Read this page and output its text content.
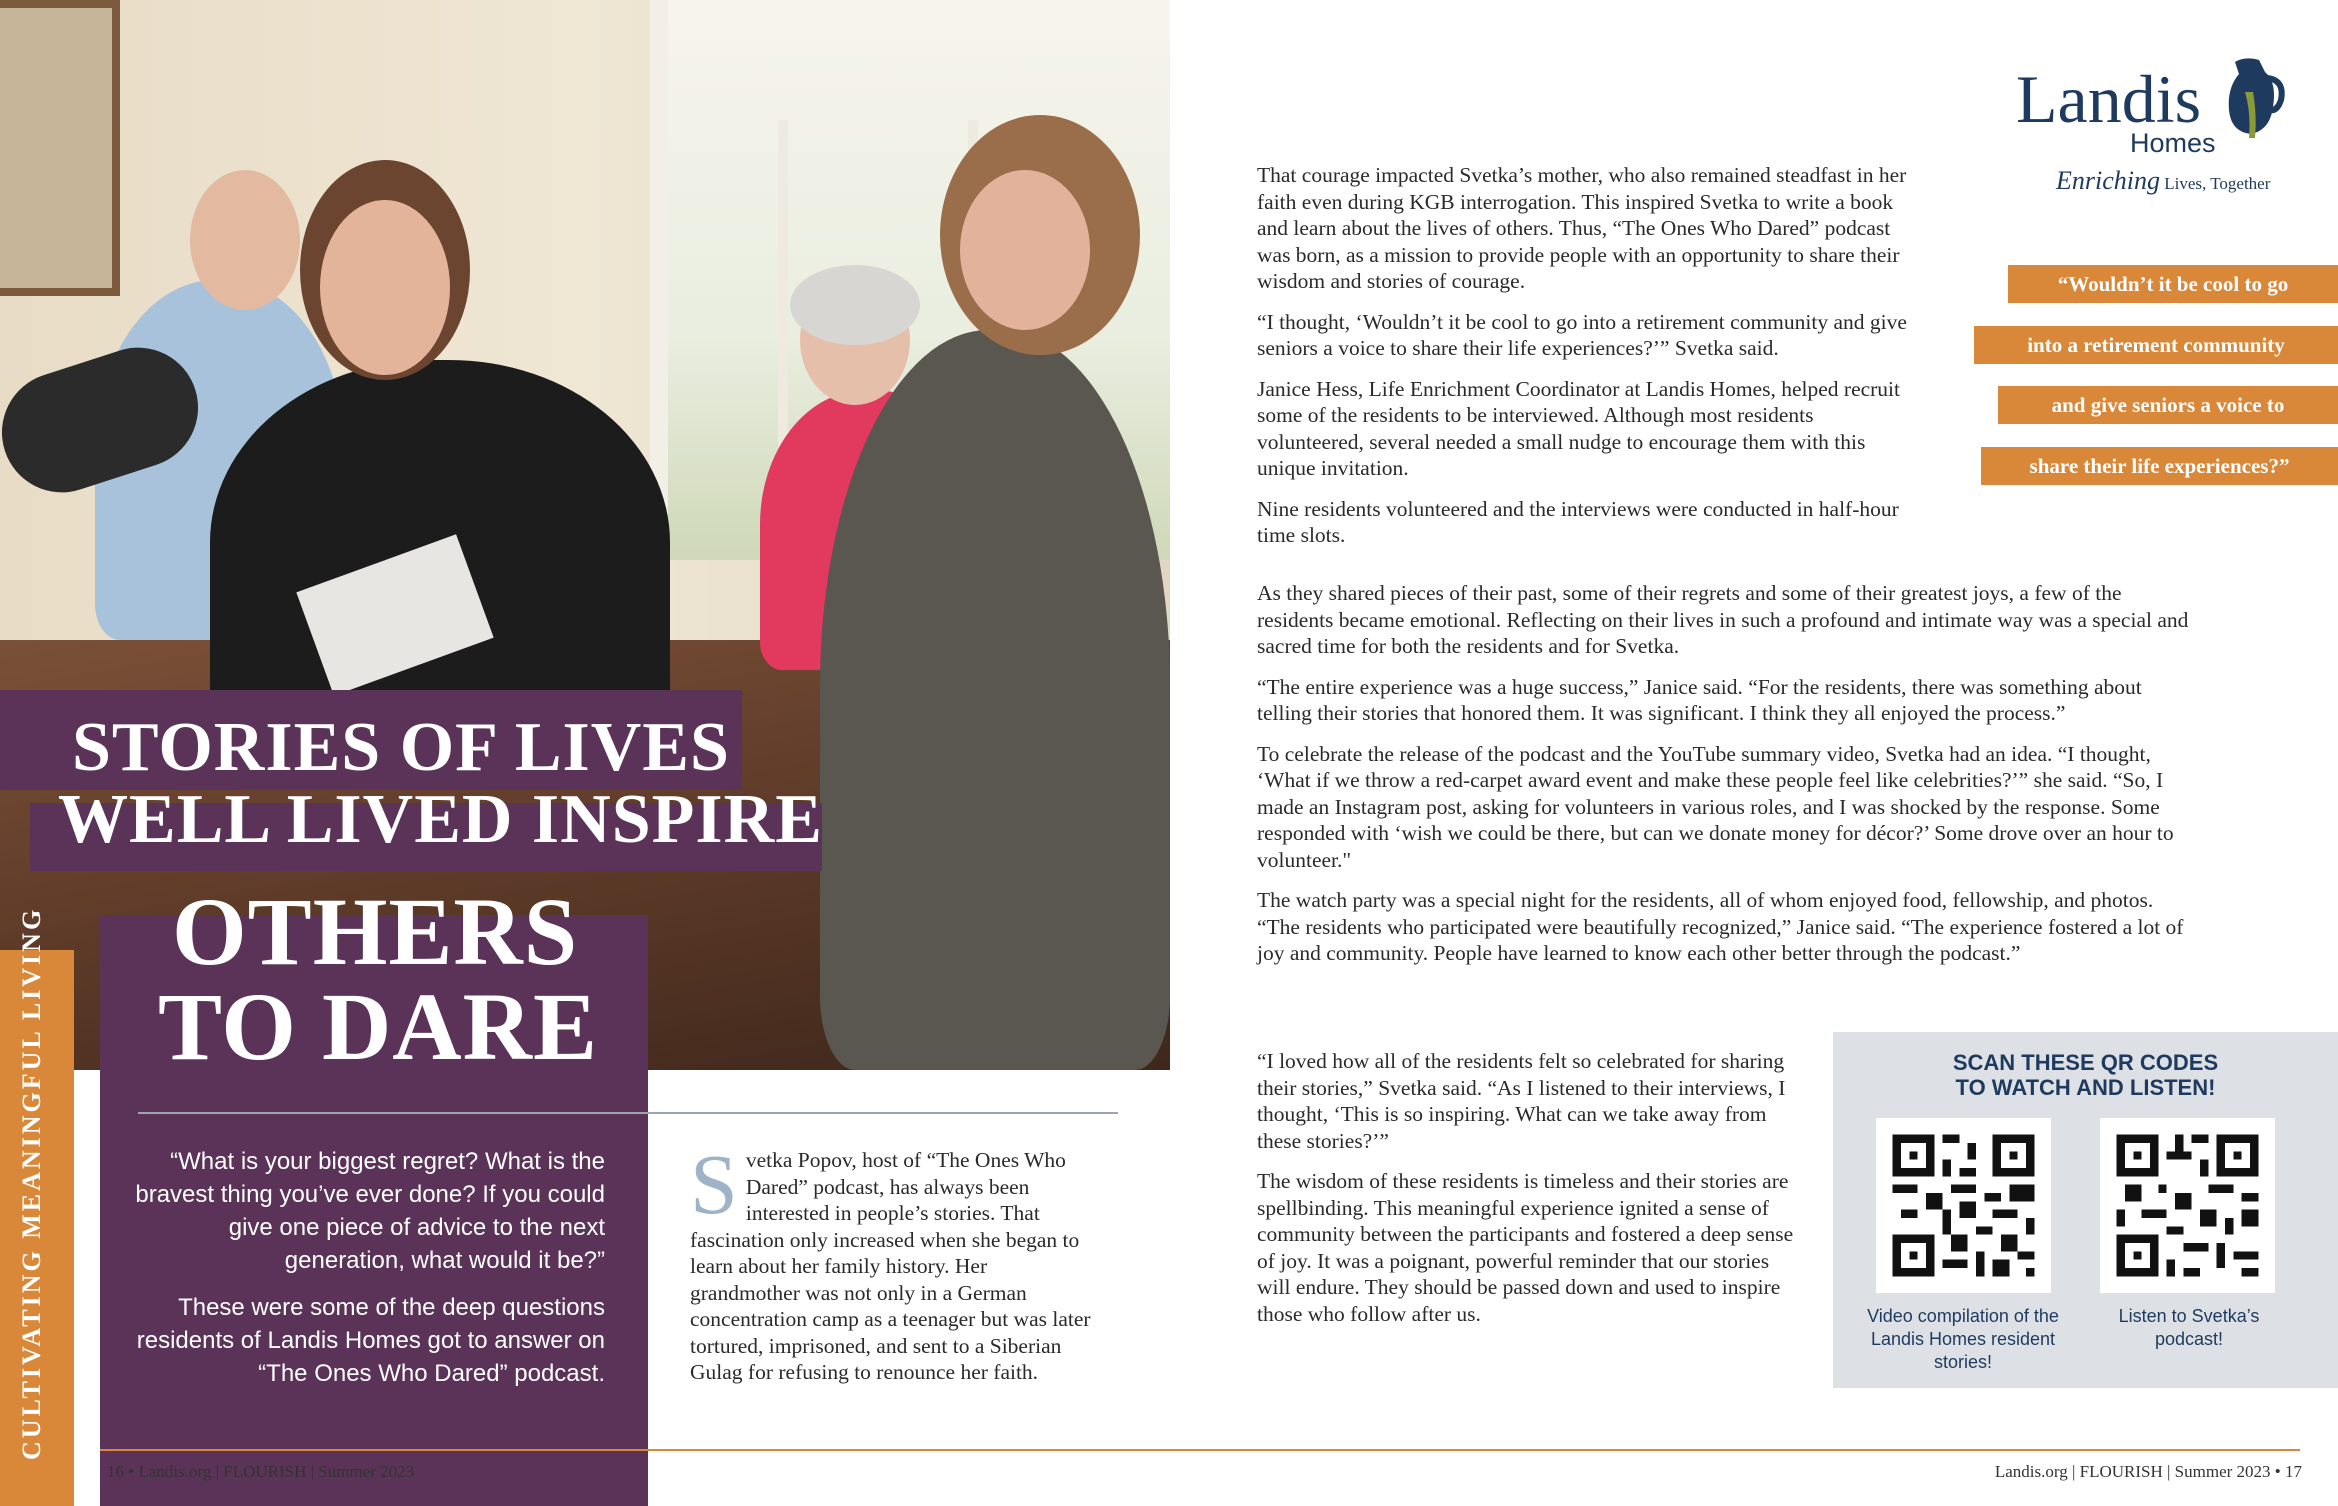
STORIES OF LIVES
WELL LIVED INSPIRE
OTHERS
TO DARE
CULTIVATING MEANINGFUL LIVING	“What is your biggest regret? What is the bravest thing you’ve ever done? If you could give one piece of advice to the next generation, what would it be?”
These were some of the deep questions residents of Landis Homes got to answer on “The Ones Who Dared” podcast.

Svetka Popov, host of “The Ones Who Dared” podcast, has always been interested in people’s stories. That fascination only increased when she began to learn about her family history. Her grandmother was not only in a German concentration camp as a teenager but was later tortured, imprisoned, and sent to a Siberian Gulag for refusing to renounce her faith.

That courage impacted Svetka’s mother, who also remained steadfast in her faith even during KGB interrogation. This inspired Svetka to write a book and learn about the lives of others. Thus, “The Ones Who Dared” podcast was born, as a mission to provide people with an opportunity to share their wisdom and stories of courage.

“I thought, ‘Wouldn’t it be cool to go into a retirement community and give seniors a voice to share their life experiences?’” Svetka said.

Janice Hess, Life Enrichment Coordinator at Landis Homes, helped recruit some of the residents to be interviewed. Although most residents volunteered, several needed a small nudge to encourage them with this unique invitation.

Nine residents volunteered and the interviews were conducted in half-hour time slots.

As they shared pieces of their past, some of their regrets and some of their greatest joys, a few of the residents became emotional. Reflecting on their lives in such a profound and intimate way was a special and sacred time for both the residents and for Svetka.

“The entire experience was a huge success,” Janice said. “For the residents, there was something about telling their stories that honored them. It was significant. I think they all enjoyed the process.”

To celebrate the release of the podcast and the YouTube summary video, Svetka had an idea. “I thought, ‘What if we throw a red-carpet award event and make these people feel like celebrities?’” she said. “So, I made an Instagram post, asking for volunteers in various roles, and I was shocked by the response. Some responded with ‘wish we could be there, but can we donate money for décor?’ Some drove over an hour to volunteer."

The watch party was a special night for the residents, all of whom enjoyed food, fellowship, and photos. “The residents who participated were beautifully recognized,” Janice said. “The experience fostered a lot of joy and community. People have learned to know each other better through the podcast.”

“I loved how all of the residents felt so celebrated for sharing their stories,” Svetka said. “As I listened to their interviews, I thought, ‘This is so inspiring. What can we take away from these stories?’”

The wisdom of these residents is timeless and their stories are spellbinding. This meaningful experience ignited a sense of community between the participants and fostered a deep sense of joy. It was a poignant, powerful reminder that our stories will endure. They should be passed down and used to inspire those who follow after us.

Landis
Homes
Enriching Lives, Together
“Wouldn’t it be cool to go
into a retirement community
and give seniors a voice to
share their life experiences?”
SCAN THESE QR CODES
TO WATCH AND LISTEN!
Video compilation of the Landis Homes resident stories!
Listen to Svetka’s podcast!
16 • Landis.org | FLOURISH | Summer 2023	Landis.org | FLOURISH | Summer 2023 • 17
